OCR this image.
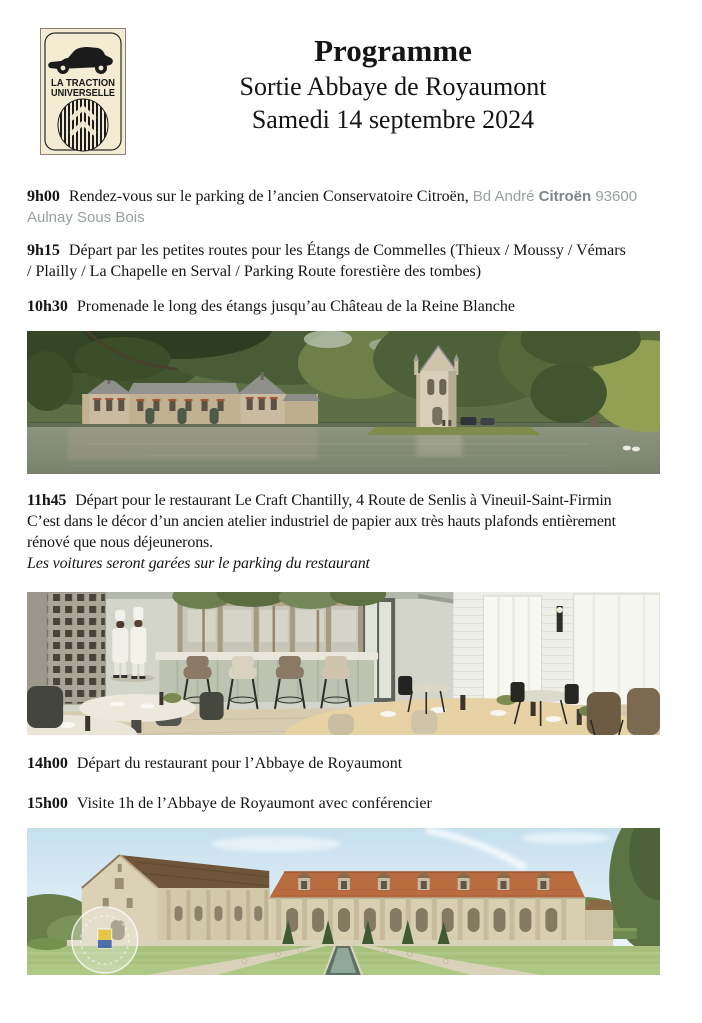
LA TRACTION
UNIVERSELLE
Programme
Sortie Abbaye de Royaumont
Samedi 14 septembre 2024

9h00 Rendez-vous sur le parking de l’ancien Conservatoire Citroën, Bd André Citroën 93600 Aulnay Sous Bois

9h15 Départ par les petites routes pour les Étangs de Commelles (Thieux / Moussy / Vémars / Plailly / La Chapelle en Serval / Parking Route forestière des tombes)

10h30 Promenade le long des étangs jusqu’au Château de la Reine Blanche

11h45 Départ pour le restaurant Le Craft Chantilly, 4 Route de Senlis à Vineuil-Saint-Firmin
C’est dans le décor d’un ancien atelier industriel de papier aux très hauts plafonds entièrement rénové que nous déjeunerons.
Les voitures seront garées sur le parking du restaurant

14h00 Départ du restaurant pour l’Abbaye de Royaumont

15h00 Visite 1h de l’Abbaye de Royaumont avec conférencier
